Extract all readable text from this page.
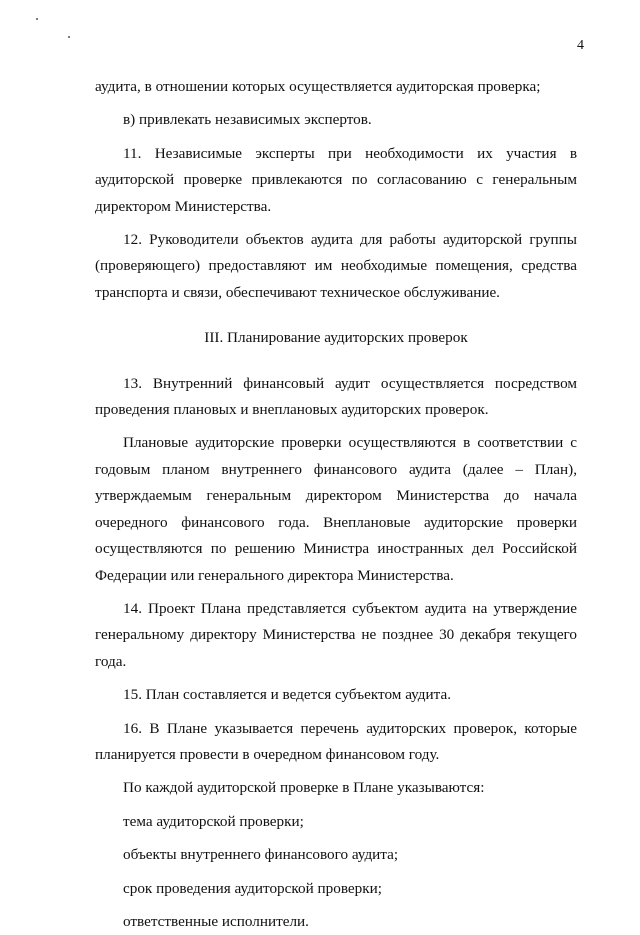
4

аудита, в отношении которых осуществляется аудиторская проверка;

в) привлекать независимых экспертов.

11. Независимые эксперты при необходимости их участия в аудиторской проверке привлекаются по согласованию с генеральным директором Министерства.

12. Руководители объектов аудита для работы аудиторской группы (проверяющего) предоставляют им необходимые помещения, средства транспорта и связи, обеспечивают техническое обслуживание.

III. Планирование аудиторских проверок

13. Внутренний финансовый аудит осуществляется посредством проведения плановых и внеплановых аудиторских проверок.

Плановые аудиторские проверки осуществляются в соответствии с годовым планом внутреннего финансового аудита (далее – План), утверждаемым генеральным директором Министерства до начала очередного финансового года. Внеплановые аудиторские проверки осуществляются по решению Министра иностранных дел Российской Федерации или генерального директора Министерства.

14. Проект Плана представляется субъектом аудита на утверждение генеральному директору Министерства не позднее 30 декабря текущего года.

15. План составляется и ведется субъектом аудита.

16. В Плане указывается перечень аудиторских проверок, которые планируется провести в очередном финансовом году.

По каждой аудиторской проверке в Плане указываются:

тема аудиторской проверки;

объекты внутреннего финансового аудита;

срок проведения аудиторской проверки;

ответственные исполнители.
